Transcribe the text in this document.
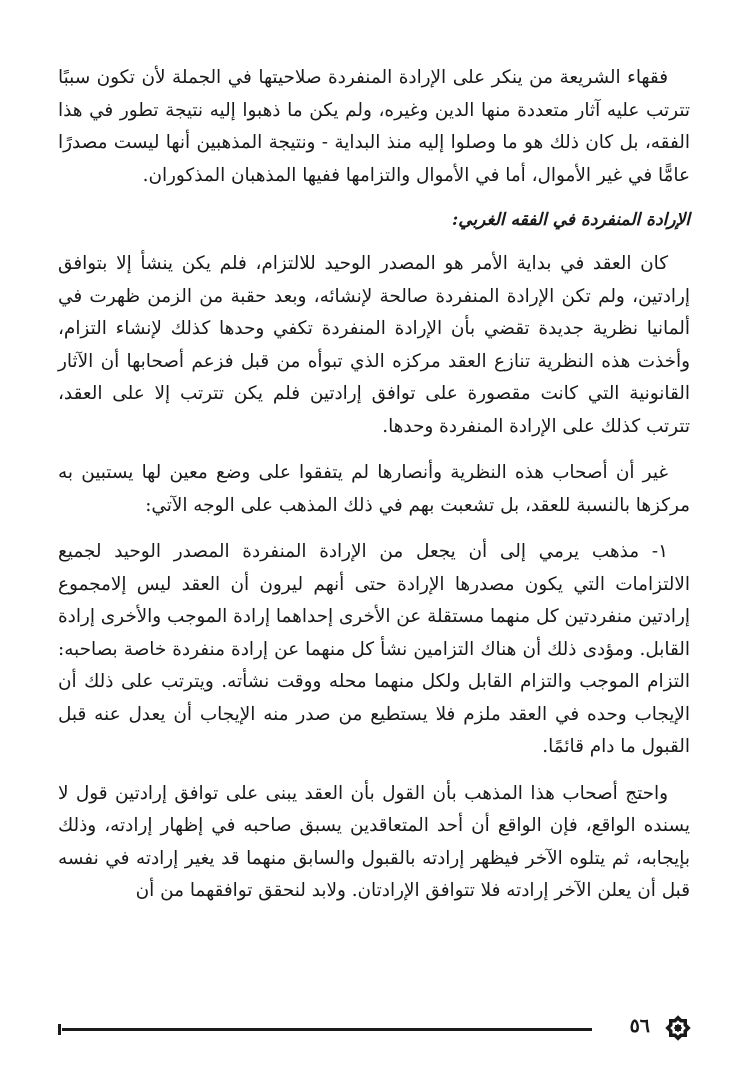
فقهاء الشريعة من ينكر على الإرادة المنفردة صلاحيتها في الجملة لأن تكون سببًا تترتب عليه آثار متعددة منها الدين وغيره، ولم يكن ما ذهبوا إليه نتيجة تطور في هذا الفقه، بل كان ذلك هو ما وصلوا إليه منذ البداية - ونتيجة المذهبين أنها ليست مصدرًا عامًّا في غير الأموال، أما في الأموال والتزامها ففيها المذهبان المذكوران.

الإرادة المنفردة في الفقه الغربي:

كان العقد في بداية الأمر هو المصدر الوحيد للالتزام، فلم يكن ينشأ إلا بتوافق إرادتين، ولم تكن الإرادة المنفردة صالحة لإنشائه، وبعد حقبة من الزمن ظهرت في ألمانيا نظرية جديدة تقضي بأن الإرادة المنفردة تكفي وحدها كذلك لإنشاء التزام، وأخذت هذه النظرية تنازع العقد مركزه الذي تبوأه من قبل فزعم أصحابها أن الآثار القانونية التي كانت مقصورة على توافق إرادتين فلم يكن تترتب إلا على العقد، تترتب كذلك على الإرادة المنفردة وحدها.

غير أن أصحاب هذه النظرية وأنصارها لم يتفقوا على وضع معين لها يستبين به مركزها بالنسبة للعقد، بل تشعبت بهم في ذلك المذهب على الوجه الآتي:

١- مذهب يرمي إلى أن يجعل من الإرادة المنفردة المصدر الوحيد لجميع الالتزامات التي يكون مصدرها الإرادة حتى أنهم ليرون أن العقد ليس إلامجموع إرادتين منفردتين كل منهما مستقلة عن الأخرى إحداهما إرادة الموجب والأخرى إرادة القابل. ومؤدى ذلك أن هناك التزامين نشأ كل منهما عن إرادة منفردة خاصة بصاحبه: التزام الموجب والتزام القابل ولكل منهما محله ووقت نشأته. ويترتب على ذلك أن الإيجاب وحده في العقد ملزم فلا يستطيع من صدر منه الإيجاب أن يعدل عنه قبل القبول ما دام قائمًا.

واحتج أصحاب هذا المذهب بأن القول بأن العقد يبنى على توافق إرادتين قول لا يسنده الواقع، فإن الواقع أن أحد المتعاقدين يسبق صاحبه في إظهار إرادته، وذلك بإيجابه، ثم يتلوه الآخر فيظهر إرادته بالقبول والسابق منهما قد يغير إرادته في نفسه قبل أن يعلن الآخر إرادته فلا تتوافق الإرادتان. ولابد لنحقق توافقهما من أن

٥٦
